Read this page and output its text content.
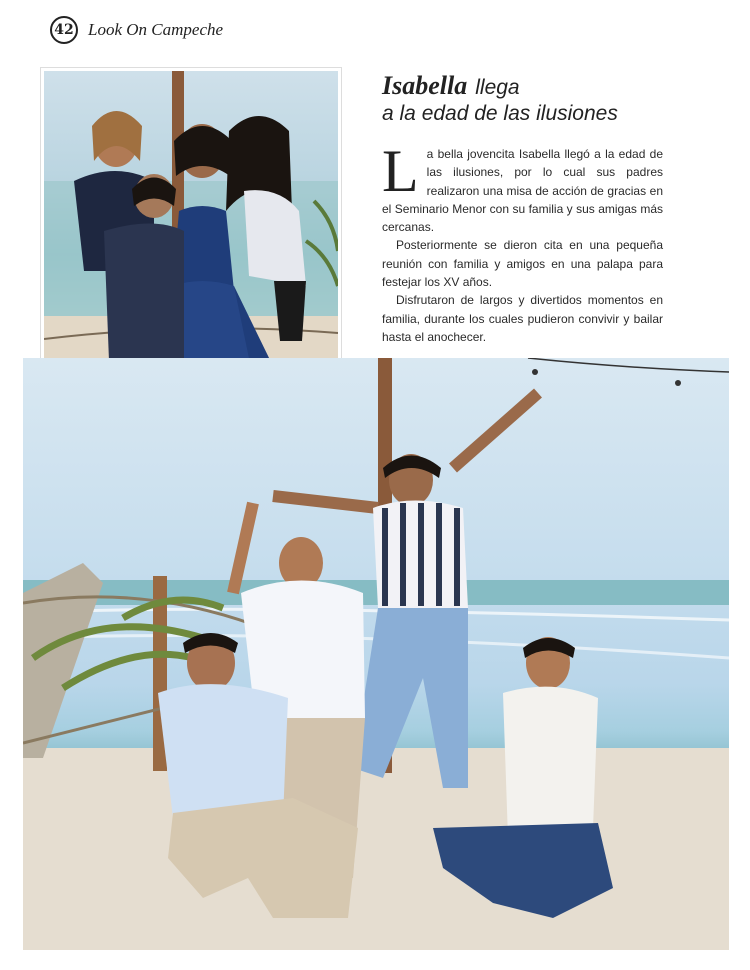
42 Look On Campeche
Isabella llega
a la edad de las ilusiones

La bella jovencita Isabella llegó a la edad de las ilusiones, por lo cual sus padres realizaron una misa de acción de gracias en el Seminario Menor con su familia y sus amigas más cercanas.

Posteriormente se dieron cita en una pequeña reunión con familia y amigos en una palapa para festejar los XV años.

Disfrutaron de largos y divertidos momentos en familia, durante los cuales pudieron convivir y bailar hasta el anochecer.
